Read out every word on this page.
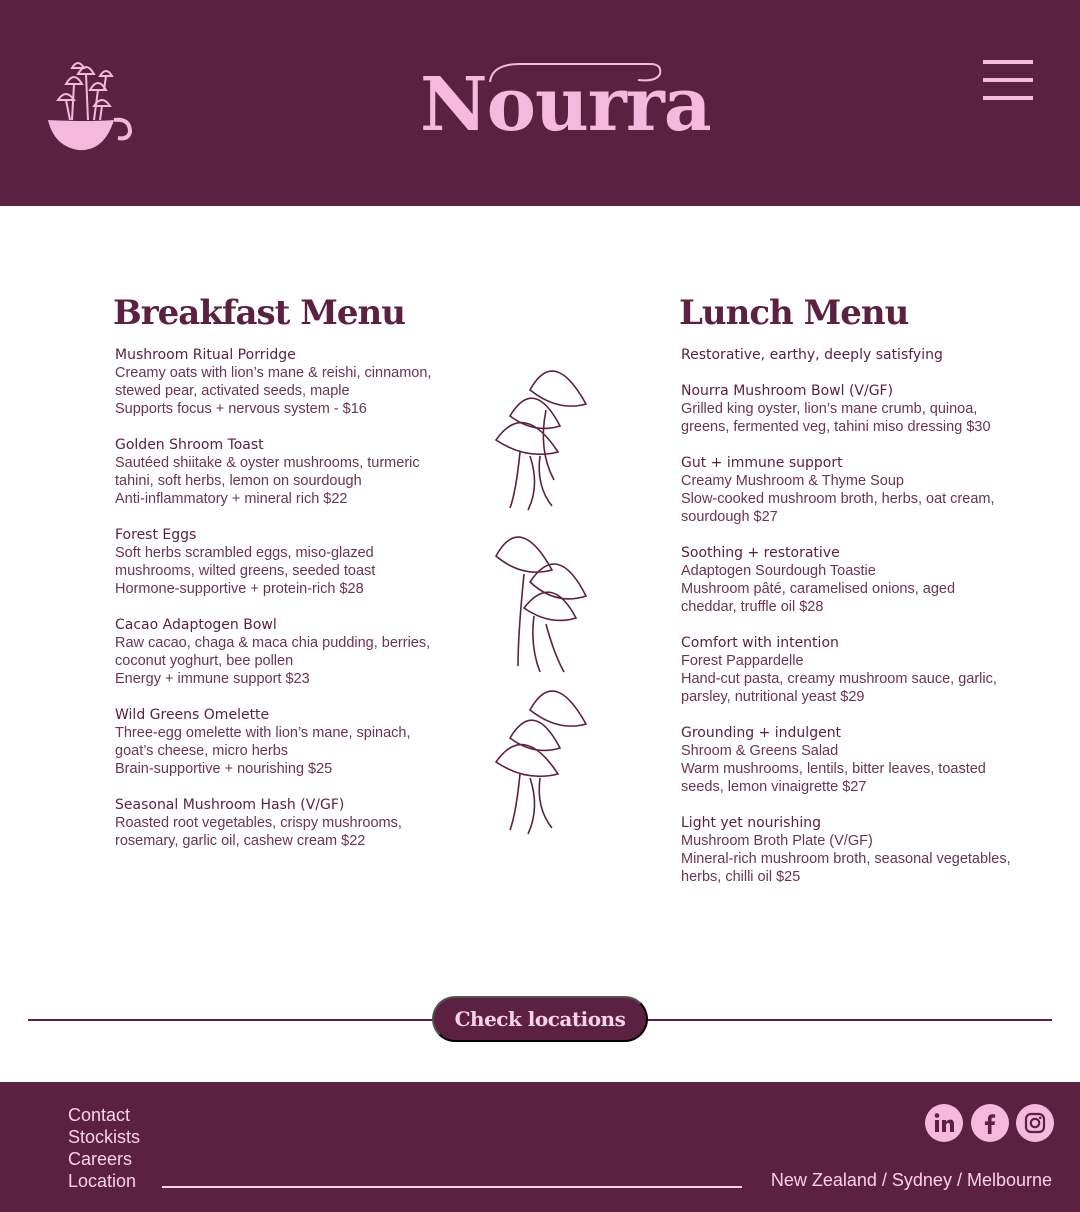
Nourra
Breakfast Menu	Lunch Menu
Mushroom Ritual Porridge
Creamy oats with lion’s mane & reishi, cinnamon, stewed pear, activated seeds, maple
Supports focus + nervous system - $16
Golden Shroom Toast
Sautéed shiitake & oyster mushrooms, turmeric tahini, soft herbs, lemon on sourdough
Anti-inflammatory + mineral rich $22
Forest Eggs
Soft herbs scrambled eggs, miso-glazed mushrooms, wilted greens, seeded toast
Hormone-supportive + protein-rich $28
Cacao Adaptogen Bowl
Raw cacao, chaga & maca chia pudding, berries, coconut yoghurt, bee pollen
Energy + immune support $23
Wild Greens Omelette
Three-egg omelette with lion’s mane, spinach, goat’s cheese, micro herbs
Brain-supportive + nourishing $25
Seasonal Mushroom Hash (V/GF)
Roasted root vegetables, crispy mushrooms, rosemary, garlic oil, cashew cream $22
Restorative, earthy, deeply satisfying
Nourra Mushroom Bowl (V/GF)
Grilled king oyster, lion’s mane crumb, quinoa, greens, fermented veg, tahini miso dressing $30
Gut + immune support
Creamy Mushroom & Thyme Soup
Slow-cooked mushroom broth, herbs, oat cream, sourdough $27
Soothing + restorative
Adaptogen Sourdough Toastie
Mushroom pâté, caramelised onions, aged cheddar, truffle oil $28
Comfort with intention
Forest Pappardelle
Hand-cut pasta, creamy mushroom sauce, garlic, parsley, nutritional yeast $29
Grounding + indulgent
Shroom & Greens Salad
Warm mushrooms, lentils, bitter leaves, toasted seeds, lemon vinaigrette $27
Light yet nourishing
Mushroom Broth Plate (V/GF)
Mineral-rich mushroom broth, seasonal vegetables, herbs, chilli oil $25
Check locations
Contact
Stockists
Careers
Location	New Zealand / Sydney / Melbourne
